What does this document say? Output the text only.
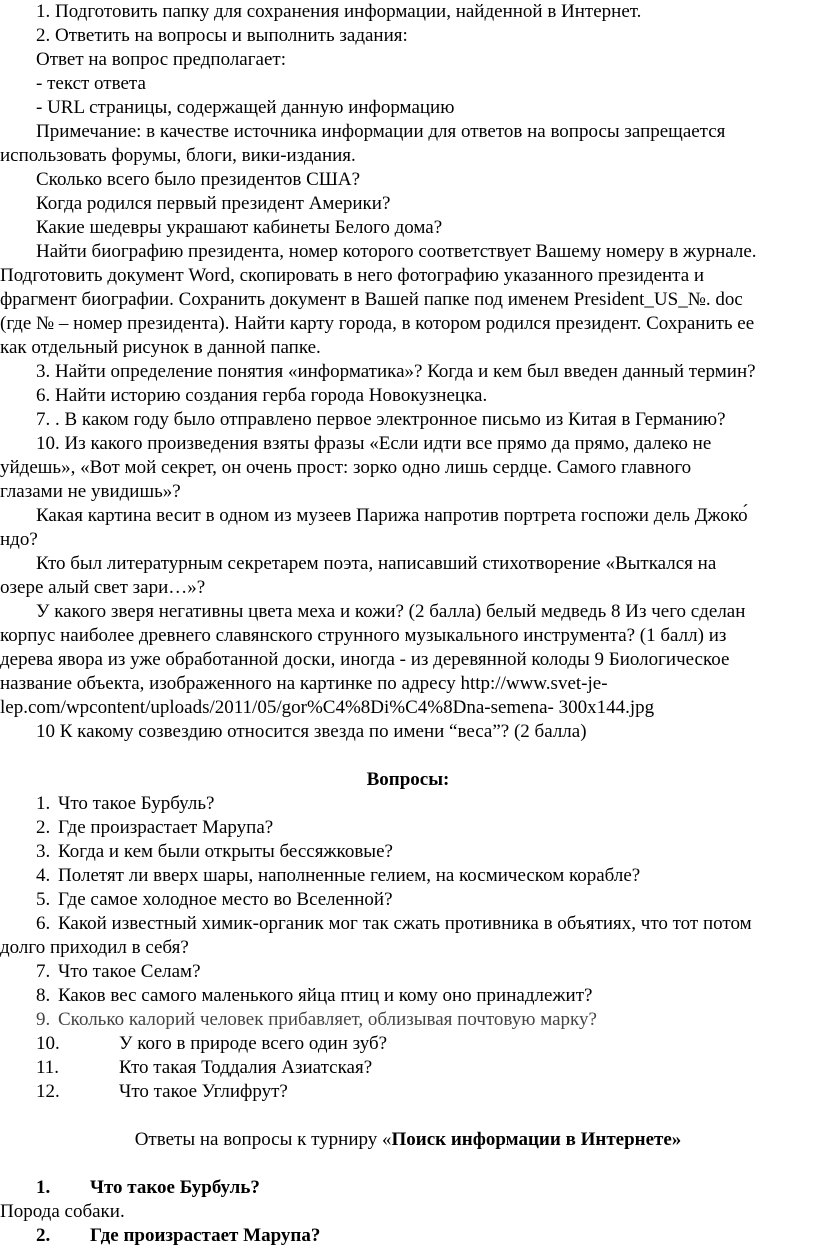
1. Подготовить папку для сохранения информации, найденной в Интернет.
2. Ответить на вопросы и выполнить задания:
Ответ на вопрос предполагает:
- текст ответа
- URL страницы, содержащей данную информацию
Примечание: в качестве источника информации для ответов на вопросы запрещается
использовать форумы, блоги, вики-издания.
Сколько всего было президентов США?
Когда родился первый президент Америки?
Какие шедевры украшают кабинеты Белого дома?
Найти биографию президента, номер которого соответствует Вашему номеру в журнале.
Подготовить документ Word, скопировать в него фотографию указанного президента и
фрагмент биографии. Сохранить документ в Вашей папке под именем President_US_№. doc
(где № – номер президента). Найти карту города, в котором родился президент. Сохранить ее
как отдельный рисунок в данной папке.
3. Найти определение понятия «информатика»? Когда и кем был введен данный термин?
6. Найти историю создания герба города Новокузнецка.
7. . В каком году было отправлено первое электронное письмо из Китая в Германию?
10. Из какого произведения взяты фразы «Если идти все прямо да прямо, далеко не
уйдешь», «Вот мой секрет, он очень прост: зорко одно лишь сердце. Самого главного
глазами не увидишь»?
Какая картина весит в одном из музеев Парижа напротив портрета госпожи дель Джоко́
ндо?
Кто был литературным секретарем поэта, написавший стихотворение «Выткался на
озере алый свет зари…»?
У какого зверя негативны цвета меха и кожи? (2 балла) белый медведь 8 Из чего сделан
корпус наиболее древнего славянского струнного музыкального инструмента? (1 балл) из
дерева явора из уже обработанной доски, иногда - из деревянной колоды 9 Биологическое
название объекта, изображенного на картинке по адресу http://www.svet-je-
lep.com/wpcontent/uploads/2011/05/gor%C4%8Di%C4%8Dna-semena- 300x144.jpg
10 К какому созвездию относится звезда по имени “веса”? (2 балла)
Вопросы:
1. Что такое Бурбуль?
2. Где произрастает Марупа?
3. Когда и кем были открыты бессяжковые?
4. Полетят ли вверх шары, наполненные гелием, на космическом корабле?
5. Где самое холодное место во Вселенной?
6. Какой известный химик-органик мог так сжать противника в объятиях, что тот потом
долго приходил в себя?
7. Что такое Селам?
8. Каков вес самого маленького яйца птиц и кому оно принадлежит?
9. Сколько калорий человек прибавляет, облизывая почтовую марку?
10.	У кого в природе всего один зуб?
11.	Кто такая Тоддалия Азиатская?
12.	Что такое Углифрут?
Ответы на вопросы к турниру «Поиск информации в Интернете»
1. Что такое Бурбуль?
Порода собаки.
2. Где произрастает Марупа?
